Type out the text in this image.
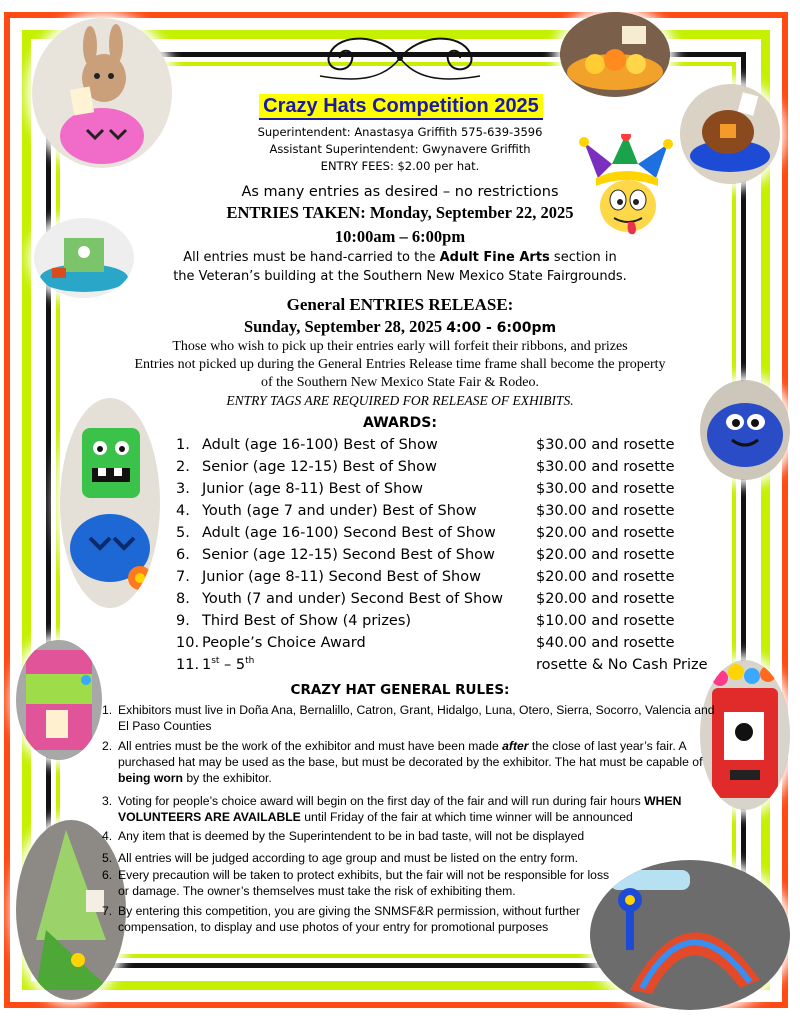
Crazy Hats Competition 2025
Superintendent: Anastasya Griffith 575-639-3596
Assistant Superintendent: Gwynavere Griffith
ENTRY FEES: $2.00 per hat.
As many entries as desired – no restrictions
ENTRIES TAKEN: Monday, September 22, 2025
10:00am – 6:00pm
All entries must be hand-carried to the Adult Fine Arts section in
the Veteran’s building at the Southern New Mexico State Fairgrounds.
General ENTRIES RELEASE:
Sunday, September 28, 2025 4:00 - 6:00pm
Those who wish to pick up their entries early will forfeit their ribbons, and prizes
Entries not picked up during the General Entries Release time frame shall become the property
of the Southern New Mexico State Fair & Rodeo.
ENTRY TAGS ARE REQUIRED FOR RELEASE OF EXHIBITS.
AWARDS:
1. Adult (age 16-100) Best of Show	$30.00 and rosette
2. Senior (age 12-15) Best of Show	$30.00 and rosette
3. Junior (age 8-11) Best of Show	$30.00 and rosette
4. Youth (age 7 and under) Best of Show	$30.00 and rosette
5. Adult (age 16-100) Second Best of Show	$20.00 and rosette
6. Senior (age 12-15) Second Best of Show	$20.00 and rosette
7. Junior (age 8-11) Second Best of Show	$20.00 and rosette
8. Youth (7 and under) Second Best of Show $20.00 and rosette
9. Third Best of Show (4 prizes)	$10.00 and rosette
10. People’s Choice Award	$40.00 and rosette
11. 1st – 5th	rosette & No Cash Prize
CRAZY HAT GENERAL RULES:
1. Exhibitors must live in Doña Ana, Bernalillo, Catron, Grant, Hidalgo, Luna, Otero, Sierra, Socorro, Valencia and El Paso Counties
2. All entries must be the work of the exhibitor and must have been made after the close of last year’s fair. A purchased hat may be used as the base, but must be decorated by the exhibitor. The hat must be capable of being worn by the exhibitor.
3. Voting for people’s choice award will begin on the first day of the fair and will run during fair hours WHEN VOLUNTEERS ARE AVAILABLE until Friday of the fair at which time winner will be announced
4. Any item that is deemed by the Superintendent to be in bad taste, will not be displayed
5. All entries will be judged according to age group and must be listed on the entry form.
6. Every precaution will be taken to protect exhibits, but the fair will not be responsible for loss or damage. The owner’s themselves must take the risk of exhibiting them.
7. By entering this competition, you are giving the SNMSF&R permission, without further compensation, to display and use photos of your entry for promotional purposes
